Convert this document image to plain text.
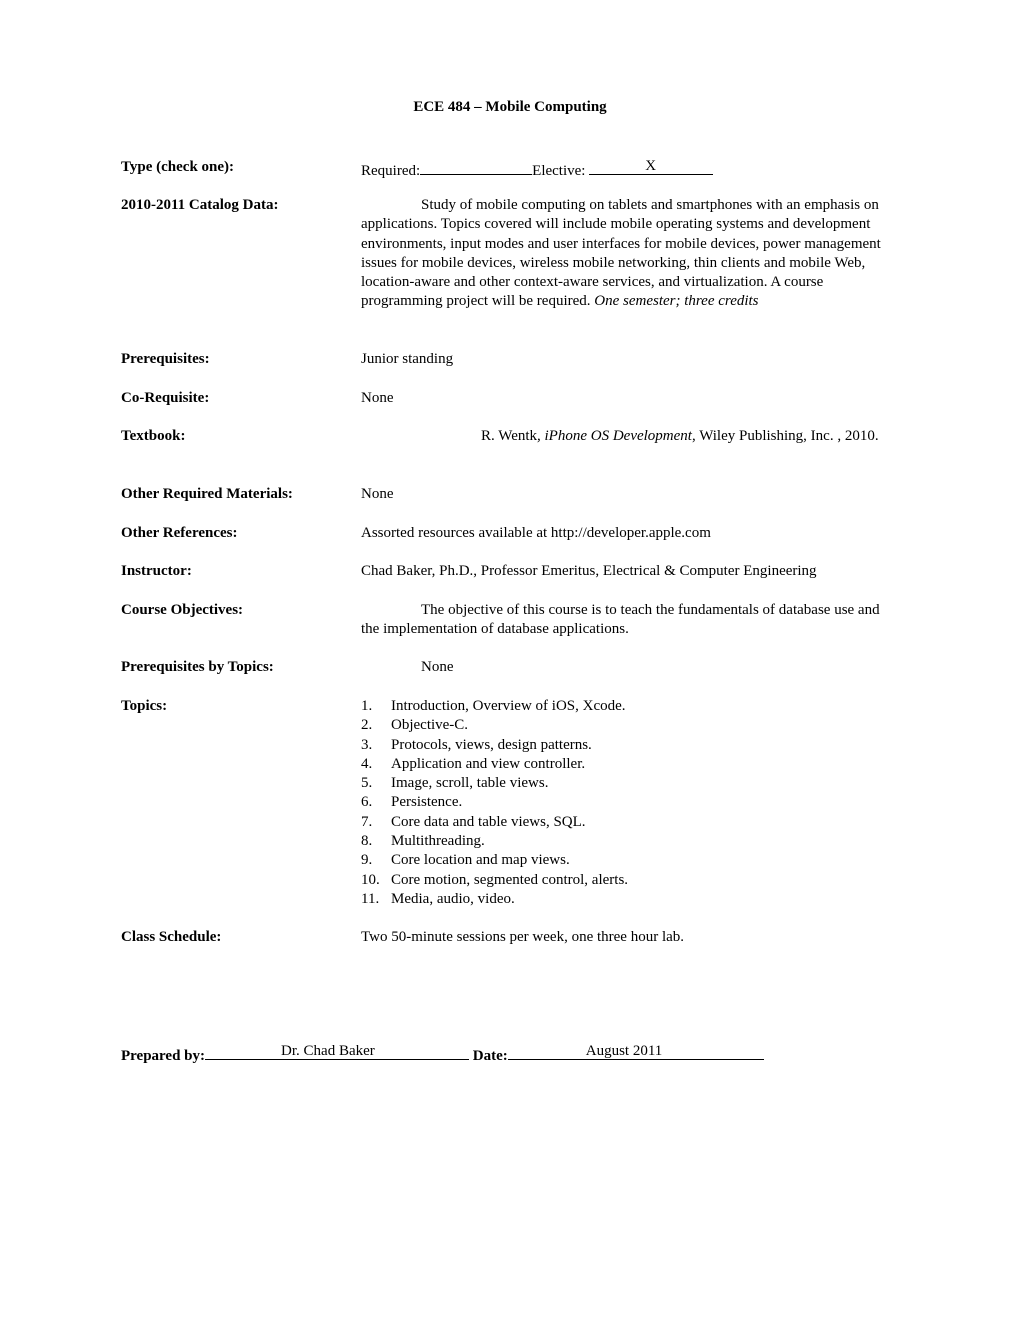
ECE 484 – Mobile Computing
Type (check one):	Required:	Elective:	X
2010-2011 Catalog Data:	Study of mobile computing on tablets and smartphones with an emphasis on applications. Topics covered will include mobile operating systems and development environments, input modes and user interfaces for mobile devices, power management issues for mobile devices, wireless mobile networking, thin clients and mobile Web, location-aware and other context-aware services, and virtualization. A course programming project will be required. One semester; three credits
Prerequisites:	Junior standing
Co-Requisite:	None
Textbook:	R. Wentk, iPhone OS Development, Wiley Publishing, Inc. , 2010.
Other Required Materials:	None
Other References:	Assorted resources available at http://developer.apple.com
Instructor:	Chad Baker, Ph.D., Professor Emeritus, Electrical & Computer Engineering
Course Objectives:	The objective of this course is to teach the fundamentals of database use and the implementation of database applications.
Prerequisites by Topics:	None
Topics:	1. Introduction, Overview of iOS, Xcode.
2. Objective-C.
3. Protocols, views, design patterns.
4. Application and view controller.
5. Image, scroll, table views.
6. Persistence.
7. Core data and table views, SQL.
8. Multithreading.
9. Core location and map views.
10. Core motion, segmented control, alerts.
11. Media, audio, video.
Class Schedule:	Two 50-minute sessions per week, one three hour lab.
Prepared by:	Dr. Chad Baker	Date:	August 2011
